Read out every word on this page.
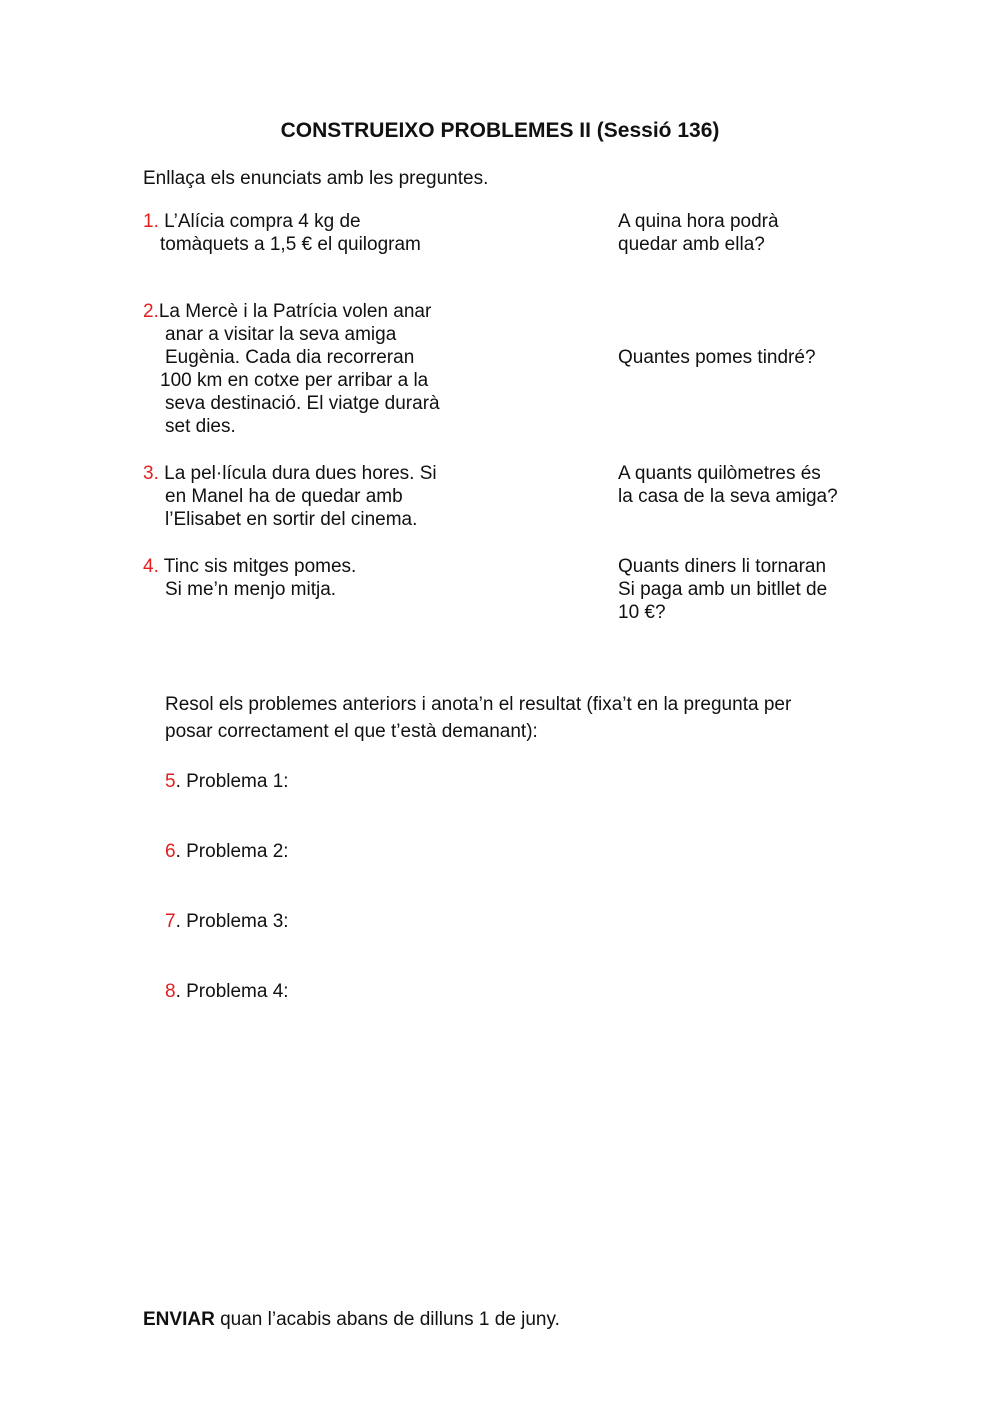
CONSTRUEIXO PROBLEMES II (Sessió 136)
Enllaça els enunciats amb les preguntes.
1. L’Alícia compra 4 kg de
tomàquets a 1,5 € el quilogram
2.La Mercè i la Patrícia volen anar
anar a visitar la seva amiga
Eugènia. Cada dia recorreran
100 km en cotxe per arribar a la
seva destinació. El viatge durarà
set dies.
3. La pel·lícula dura dues hores. Si
en Manel ha de quedar amb
l’Elisabet en sortir del cinema.
4. Tinc sis mitges pomes.
Si me’n menjo mitja.
A quina hora podrà
quedar amb ella?
Quantes pomes tindré?
A quants quilòmetres és
la casa de la seva amiga?
Quants diners li tornaran
Si paga amb un bitllet de
10 €?
Resol els problemes anteriors i anota’n el resultat (fixa’t en la pregunta per
posar correctament el que t’està demanant):
5. Problema 1:
6. Problema 2:
7. Problema 3:
8. Problema 4:
ENVIAR quan l’acabis abans de dilluns 1 de juny.
